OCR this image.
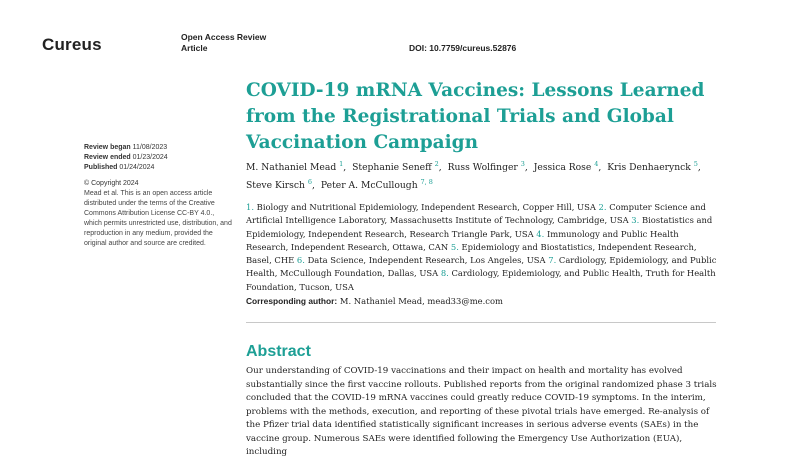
Cureus	Open Access Review
Article	DOI: 10.7759/cureus.52876
COVID-19 mRNA Vaccines: Lessons Learned from the Registrational Trials and Global Vaccination Campaign
Review began 11/08/2023
Review ended 01/23/2024
Published 01/24/2024
© Copyright 2024
Mead et al. This is an open access article distributed under the terms of the Creative Commons Attribution License CC-BY 4.0., which permits unrestricted use, distribution, and reproduction in any medium, provided the original author and source are credited.
M. Nathaniel Mead $^1$, Stephanie Seneff $^2$, Russ Wolfinger $^3$, Jessica Rose $^4$, Kris Denhaerynck $^5$, Steve Kirsch $^6$, Peter A. McCullough $^{7, 8}$
1. Biology and Nutritional Epidemiology, Independent Research, Copper Hill, USA 2. Computer Science and Artificial Intelligence Laboratory, Massachusetts Institute of Technology, Cambridge, USA 3. Biostatistics and Epidemiology, Independent Research, Research Triangle Park, USA 4. Immunology and Public Health Research, Independent Research, Ottawa, CAN 5. Epidemiology and Biostatistics, Independent Research, Basel, CHE 6. Data Science, Independent Research, Los Angeles, USA 7. Cardiology, Epidemiology, and Public Health, McCullough Foundation, Dallas, USA 8. Cardiology, Epidemiology, and Public Health, Truth for Health Foundation, Tucson, USA
Corresponding author: M. Nathaniel Mead, mead33@me.com
Abstract

Our understanding of COVID-19 vaccinations and their impact on health and mortality has evolved substantially since the first vaccine rollouts. Published reports from the original randomized phase 3 trials concluded that the COVID-19 mRNA vaccines could greatly reduce COVID-19 symptoms. In the interim, problems with the methods, execution, and reporting of these pivotal trials have emerged. Re-analysis of the Pfizer trial data identified statistically significant increases in serious adverse events (SAEs) in the vaccine group. Numerous SAEs were identified following the Emergency Use Authorization (EUA), including
